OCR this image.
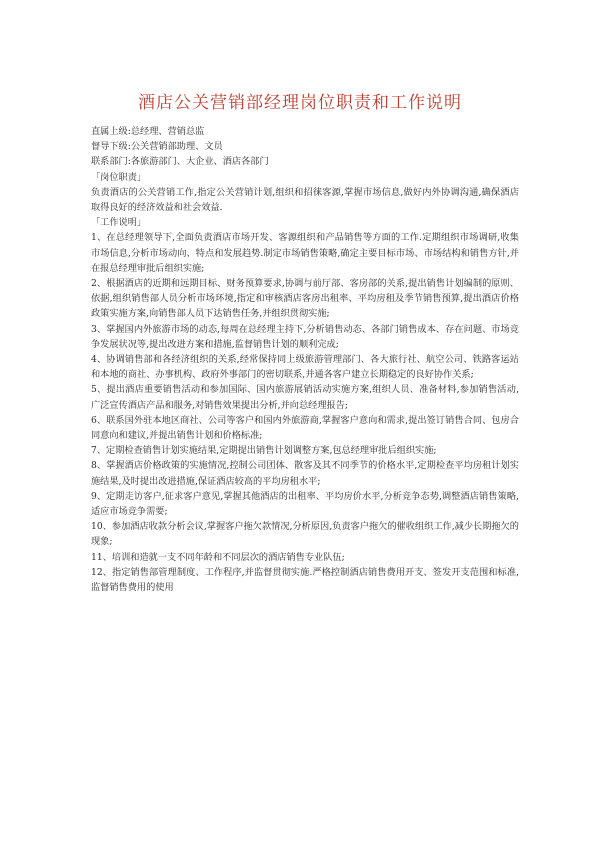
酒店公关营销部经理岗位职责和工作说明

直属上级:总经理、营销总监

督导下级:公关营销部助理、文员

联系部门:各旅游部门、大企业、酒店各部门

「岗位职责」

负责酒店的公关营销工作,指定公关营销计划,组织和招徕客源,掌握市场信息,做好内外协调沟通,确保酒店取得良好的经济效益和社会效益.

「工作说明」

1、在总经理领导下,全面负责酒店市场开发、客源组织和产品销售等方面的工作.定期组织市场调研,收集市场信息,分析市场动向、特点和发展趋势.制定市场销售策略,确定主要目标市场、市场结构和销售方针,并在报总经理审批后组织实施;

2、根据酒店的近期和远期目标、财务预算要求,协调与前厅部、客房部的关系,提出销售计划编制的原则、依据,组织销售部人员分析市场环境,指定和审核酒店客房出租率、平均房租及季节销售预算,提出酒店价格政策实施方案,向销售部人员下达销售任务,并组织贯彻实施;

3、掌握国内外旅游市场的动态,每周在总经理主持下,分析销售动态、各部门销售成本、存在问题、市场竞争发展状况等,提出改进方案和措施,监督销售计划的顺利完成;

4、协调销售部和各经济组织的关系,经常保持同上级旅游管理部门、各大旅行社、航空公司、铁路客运站和本地的商社、办事机构、政府外事部门的密切联系,并通各客户建立长期稳定的良好协作关系;

5、提出酒店重要销售活动和参加国际、国内旅游展销活动实施方案,组织人员、准备材料,参加销售活动,广泛宣传酒店产品和服务,对销售效果提出分析,并向总经理报告;

6、联系国外驻本地区商社、公司等客户和国内外旅游商,掌握客户意向和需求,提出签订销售合同、包房合同意向和建议,并提出销售计划和价格标准;

7、定期检查销售计划实施结果,定期提出销售计划调整方案,包总经理审批后组织实施;

8、掌握酒店价格政策的实施情况,控制公司团体、散客及其不同季节的价格水平,定期检查平均房租计划实施结果,及时提出改进措施,保证酒店较高的平均房租水平;

9、定期走访客户,征求客户意见,掌握其他酒店的出租率、平均房价水平,分析竞争态势,调整酒店销售策略,适应市场竞争需要;

10、参加酒店收款分析会议,掌握客户拖欠款情况,分析原因,负责客户拖欠的催收组织工作,减少长期拖欠的现象;

11、培训和造就一支不同年龄和不同层次的酒店销售专业队伍;

12、指定销售部管理制度、工作程序,并监督贯彻实施.严格控制酒店销售费用开支、签发开支范围和标准,监督销售费用的使用
